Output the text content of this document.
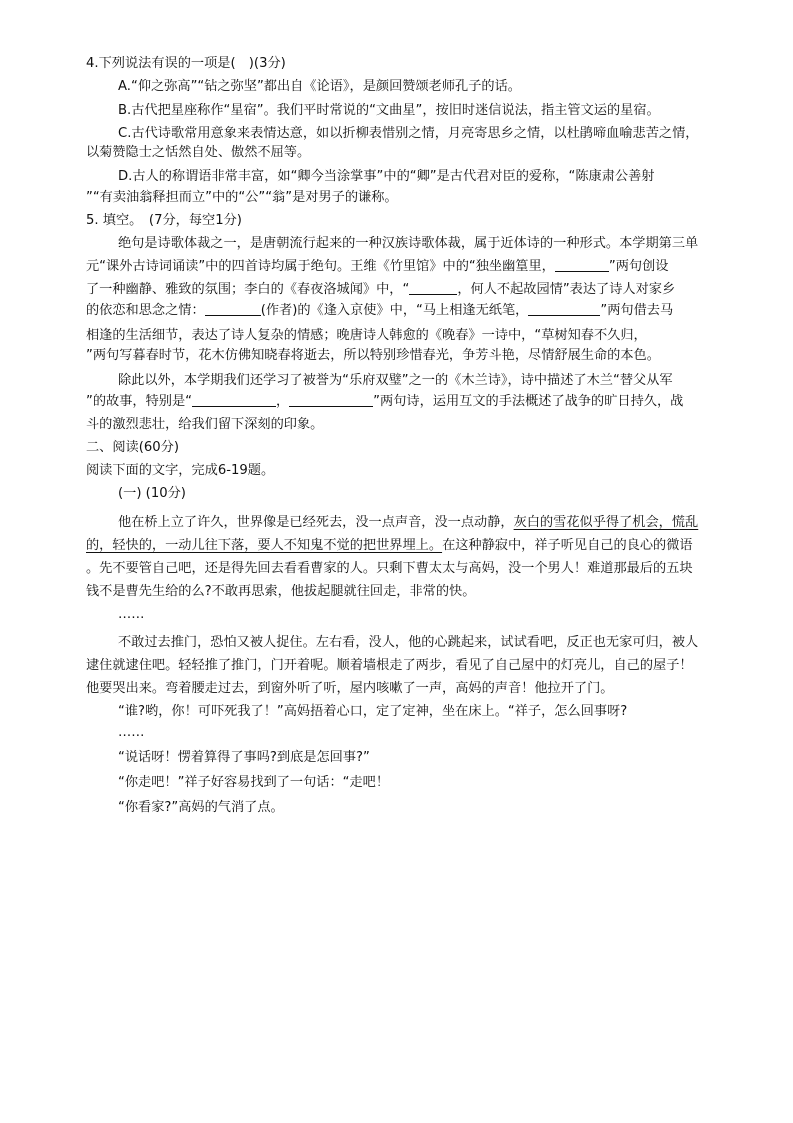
4.下列说法有误的一项是(　)(3分)
A.“仰之弥高”“钻之弥坚”都出自《论语》，是颜回赞颂老师孔子的话。
B.古代把星座称作“星宿”。我们平时常说的“文曲星”，按旧时迷信说法，指主管文运的星宿。
C.古代诗歌常用意象来表情达意，如以折柳表惜别之情，月亮寄思乡之情，以杜鹃啼血喻悲苦之情，
以菊赞隐士之恬然自处、傲然不屈等。
D.古人的称谓语非常丰富，如“卿今当涂掌事”中的“卿”是古代君对臣的爱称，“陈康肃公善射
”“有卖油翁释担而立”中的“公”“翁”是对男子的谦称。
5. 填空。　(7分，每空1分)
绝句是诗歌体裁之一，是唐朝流行起来的一种汉族诗歌体裁，属于近体诗的一种形式。本学期第三单
元“课外古诗词诵读”中的四首诗均属于绝句。王维《竹里馆》中的“独坐幽篁里，	”两句创设
了一种幽静、雅致的氛围；李白的《春夜洛城闻》中，“	，何人不起故园情”表达了诗人对家乡
的依恋和思念之情：	(作者)的《逢入京使》中，“马上相逢无纸笔，	”两句借去马
相逢的生活细节，表达了诗人复杂的情感；晚唐诗人韩愈的《晚春》一诗中，“草树知春不久归，
”两句写暮春时节，花木仿佛知晓春将逝去，所以特别珍惜春光，争芳斗艳，尽情舒展生命的本色。
除此以外，本学期我们还学习了被誉为“乐府双璧”之一的《木兰诗》，诗中描述了木兰“替父从军
”的故事，特别是“	，	”两句诗，运用互文的手法概述了战争的旷日持久，战
斗的激烈悲壮，给我们留下深刻的印象。
二、阅读(60分)
阅读下面的文字，完成6-19题。
(一) (10分)
他在桥上立了许久，世界像是已经死去，没一点声音，没一点动静，灰白的雪花似乎得了机会，慌乱
的，轻快的，一动儿往下落，要人不知鬼不觉的把世界埋上。在这种静寂中，祥子听见自己的良心的微语
。先不要管自己吧，还是得先回去看看曹家的人。只剩下曹太太与高妈，没一个男人！难道那最后的五块
钱不是曹先生给的么?不敢再思索，他拔起腿就往回走，非常的快。
……
不敢过去推门，恐怕又被人捉住。左右看，没人，他的心跳起来，试试看吧，反正也无家可归，被人
逮住就逮住吧。轻轻推了推门，门开着呢。顺着墙根走了两步，看见了自己屋中的灯亮儿，自己的屋子！
他要哭出来。弯着腰走过去，到窗外听了听，屋内咳嗽了一声，高妈的声音！他拉开了门。
“谁?哟，你！可吓死我了！”高妈捂着心口，定了定神，坐在床上。“祥子，怎么回事呀?
……
“说话呀！愣着算得了事吗?到底是怎回事?”
“你走吧！”祥子好容易找到了一句话：“走吧！
“你看家?”高妈的气消了点。
